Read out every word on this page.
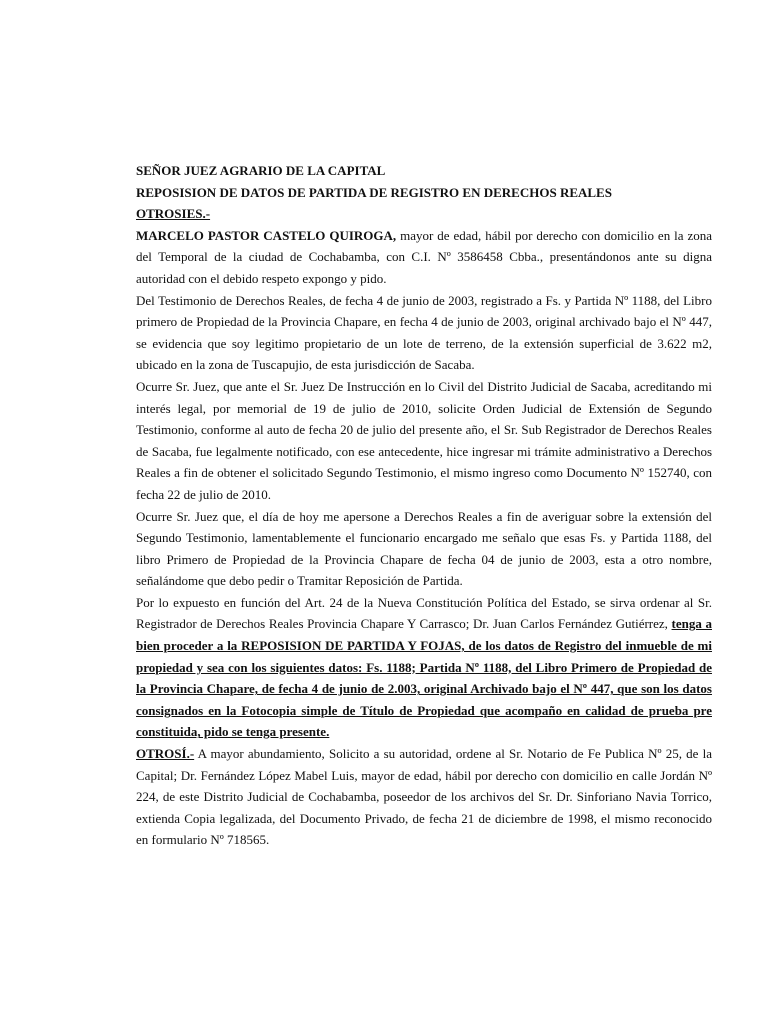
SEÑOR JUEZ AGRARIO DE LA CAPITAL
REPOSISION DE DATOS DE PARTIDA DE REGISTRO EN DERECHOS REALES
OTROSIES.-

MARCELO PASTOR CASTELO QUIROGA, mayor de edad, hábil por derecho con domicilio en la zona del Temporal de la ciudad de Cochabamba, con C.I. Nº 3586458 Cbba., presentándonos ante su digna autoridad con el debido respeto expongo y pido.

Del Testimonio de Derechos Reales, de fecha 4 de junio de 2003, registrado a Fs. y Partida Nº 1188, del Libro primero de Propiedad de la Provincia Chapare, en fecha 4 de junio de 2003, original archivado bajo el Nº 447, se evidencia que soy legitimo propietario de un lote de terreno, de la extensión superficial de 3.622 m2, ubicado en la zona de Tuscapujio, de esta jurisdicción de Sacaba.

Ocurre Sr. Juez, que ante el Sr. Juez De Instrucción en lo Civil del Distrito Judicial de Sacaba, acreditando mi interés legal, por memorial de 19 de julio de 2010, solicite Orden Judicial de Extensión de Segundo Testimonio, conforme al auto de fecha 20 de julio del presente año, el Sr. Sub Registrador de Derechos Reales de Sacaba, fue legalmente notificado, con ese antecedente, hice ingresar mi trámite administrativo a Derechos Reales a fin de obtener el solicitado Segundo Testimonio, el mismo ingreso como Documento Nº 152740, con fecha 22 de julio de 2010.

Ocurre Sr. Juez que, el día de hoy me apersone a Derechos Reales a fin de averiguar sobre la extensión del Segundo Testimonio, lamentablemente el funcionario encargado me señalo que esas Fs. y Partida 1188, del libro Primero de Propiedad de la Provincia Chapare de fecha 04 de junio de 2003, esta a otro nombre, señalándome que debo pedir o Tramitar Reposición de Partida.

Por lo expuesto en función del Art. 24 de la Nueva Constitución Política del Estado, se sirva ordenar al Sr. Registrador de Derechos Reales Provincia Chapare Y Carrasco; Dr. Juan Carlos Fernández Gutiérrez, tenga a bien proceder a la REPOSISION DE PARTIDA Y FOJAS, de los datos de Registro del inmueble de mi propiedad y sea con los siguientes datos: Fs. 1188; Partida Nº 1188, del Libro Primero de Propiedad de la Provincia Chapare, de fecha 4 de junio de 2.003, original Archivado bajo el Nº 447, que son los datos consignados en la Fotocopia simple de Título de Propiedad que acompaño en calidad de prueba pre constituida, pido se tenga presente.

OTROSÍ.- A mayor abundamiento, Solicito a su autoridad, ordene al Sr. Notario de Fe Publica Nº 25, de la Capital; Dr. Fernández López Mabel Luis, mayor de edad, hábil por derecho con domicilio en calle Jordán Nº 224, de este Distrito Judicial de Cochabamba, poseedor de los archivos del Sr. Dr. Sinforiano Navia Torrico, extienda Copia legalizada, del Documento Privado, de fecha 21 de diciembre de 1998, el mismo reconocido en formulario Nº 718565.
